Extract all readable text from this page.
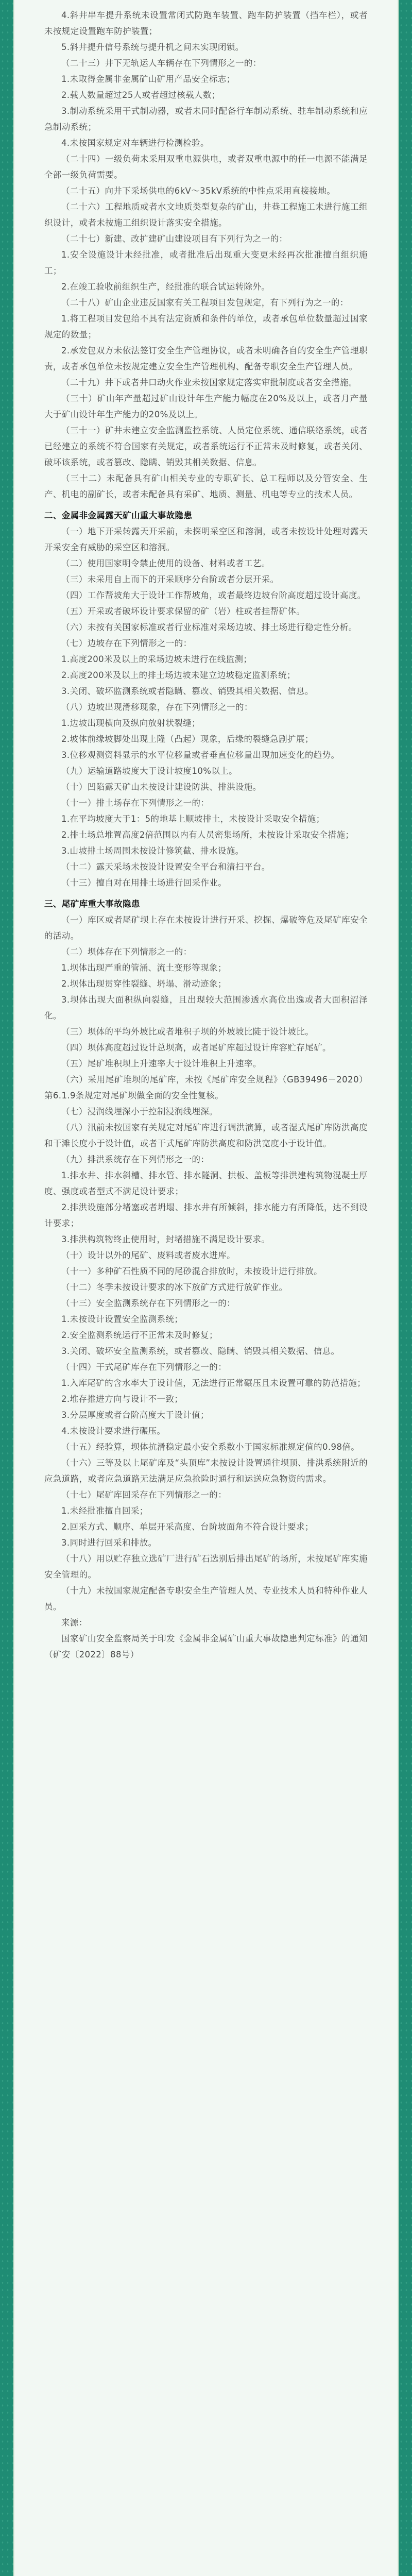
4.斜井串车提升系统未设置常闭式防跑车装置、跑车防护装置（挡车栏），或者未按规定设置跑车防护装置；

5.斜井提升信号系统与提升机之间未实现闭锁。

（二十三）井下无轨运人车辆存在下列情形之一的：

1.未取得金属非金属矿山矿用产品安全标志；

2.载人数量超过25人或者超过核载人数；

3.制动系统采用干式制动器，或者未同时配备行车制动系统、驻车制动系统和应急制动系统；

4.未按国家规定对车辆进行检测检验。

（二十四）一级负荷未采用双重电源供电，或者双重电源中的任一电源不能满足全部一级负荷需要。

（二十五）向井下采场供电的6kV～35kV系统的中性点采用直接接地。

（二十六）工程地质或者水文地质类型复杂的矿山，井巷工程施工未进行施工组织设计，或者未按施工组织设计落实安全措施。

（二十七）新建、改扩建矿山建设项目有下列行为之一的：

1.安全设施设计未经批准，或者批准后出现重大变更未经再次批准擅自组织施工；

2.在竣工验收前组织生产，经批准的联合试运转除外。

（二十八）矿山企业违反国家有关工程项目发包规定，有下列行为之一的：

1.将工程项目发包给不具有法定资质和条件的单位，或者承包单位数量超过国家规定的数量；

2.承发包双方未依法签订安全生产管理协议，或者未明确各自的安全生产管理职责，或者承包单位未按规定建立安全生产管理机构、配备专职安全生产管理人员。

（二十九）井下或者井口动火作业未按国家规定落实审批制度或者安全措施。

（三十）矿山年产量超过矿山设计年生产能力幅度在20%及以上，或者月产量大于矿山设计年生产能力的20%及以上。

（三十一）矿井未建立安全监测监控系统、人员定位系统、通信联络系统，或者已经建立的系统不符合国家有关规定，或者系统运行不正常未及时修复，或者关闭、破坏该系统，或者篡改、隐瞒、销毁其相关数据、信息。

（三十二）未配备具有矿山相关专业的专职矿长、总工程师以及分管安全、生产、机电的副矿长，或者未配备具有采矿、地质、测量、机电等专业的技术人员。

二、金属非金属露天矿山重大事故隐患

（一）地下开采转露天开采前，未探明采空区和溶洞，或者未按设计处理对露天开采安全有威胁的采空区和溶洞。

（二）使用国家明令禁止使用的设备、材料或者工艺。

（三）未采用自上而下的开采顺序分台阶或者分层开采。

（四）工作帮坡角大于设计工作帮坡角，或者最终边坡台阶高度超过设计高度。

（五）开采或者破坏设计要求保留的矿（岩）柱或者挂帮矿体。

（六）未按有关国家标准或者行业标准对采场边坡、排土场进行稳定性分析。

（七）边坡存在下列情形之一的：

1.高度200米及以上的采场边坡未进行在线监测；

2.高度200米及以上的排土场边坡未建立边坡稳定监测系统；

3.关闭、破坏监测系统或者隐瞒、篡改、销毁其相关数据、信息。

（八）边坡出现滑移现象，存在下列情形之一的：

1.边坡出现横向及纵向放射状裂缝；

2.坡体前缘坡脚处出现上隆（凸起）现象，后缘的裂缝急剧扩展；

3.位移观测资料显示的水平位移量或者垂直位移量出现加速变化的趋势。

（九）运输道路坡度大于设计坡度10%以上。

（十）凹陷露天矿山未按设计建设防洪、排洪设施。

（十一）排土场存在下列情形之一的：

1.在平均坡度大于1：5的地基上顺坡排土，未按设计采取安全措施；

2.排土场总堆置高度2倍范围以内有人员密集场所，未按设计采取安全措施；

3.山坡排土场周围未按设计修筑截、排水设施。

（十二）露天采场未按设计设置安全平台和清扫平台。

（十三）擅自对在用排土场进行回采作业。

三、尾矿库重大事故隐患

（一）库区或者尾矿坝上存在未按设计进行开采、挖掘、爆破等危及尾矿库安全的活动。

（二）坝体存在下列情形之一的：

1.坝体出现严重的管涌、流土变形等现象；

2.坝体出现贯穿性裂缝、坍塌、滑动迹象；

3.坝体出现大面积纵向裂缝，且出现较大范围渗透水高位出逸或者大面积沼泽化。

（三）坝体的平均外坡比或者堆积子坝的外坡坡比陡于设计坡比。

（四）坝体高度超过设计总坝高，或者尾矿库超过设计库容贮存尾矿。

（五）尾矿堆积坝上升速率大于设计堆积上升速率。

（六）采用尾矿堆坝的尾矿库，未按《尾矿库安全规程》（GB39496－2020）第6.1.9条规定对尾矿坝做全面的安全性复核。

（七）浸润线埋深小于控制浸润线埋深。

（八）汛前未按国家有关规定对尾矿库进行调洪演算，或者湿式尾矿库防洪高度和干滩长度小于设计值，或者干式尾矿库防洪高度和防洪宽度小于设计值。

（九）排洪系统存在下列情形之一的：

1.排水井、排水斜槽、排水管、排水隧洞、拱板、盖板等排洪建构筑物混凝土厚度、强度或者型式不满足设计要求；

2.排洪设施部分堵塞或者坍塌、排水井有所倾斜，排水能力有所降低，达不到设计要求；

3.排洪构筑物终止使用时，封堵措施不满足设计要求。

（十）设计以外的尾矿、废料或者废水进库。

（十一）多种矿石性质不同的尾砂混合排放时，未按设计进行排放。

（十二）冬季未按设计要求的冰下放矿方式进行放矿作业。

（十三）安全监测系统存在下列情形之一的：

1.未按设计设置安全监测系统；

2.安全监测系统运行不正常未及时修复；

3.关闭、破坏安全监测系统，或者篡改、隐瞒、销毁其相关数据、信息。

（十四）干式尾矿库存在下列情形之一的：

1.入库尾矿的含水率大于设计值，无法进行正常碾压且未设置可靠的防范措施；

2.堆存推进方向与设计不一致；

3.分层厚度或者台阶高度大于设计值；

4.未按设计要求进行碾压。

（十五）经验算，坝体抗滑稳定最小安全系数小于国家标准规定值的0.98倍。

（十六）三等及以上尾矿库及“头顶库”未按设计设置通往坝顶、排洪系统附近的应急道路，或者应急道路无法满足应急抢险时通行和运送应急物资的需求。

（十七）尾矿库回采存在下列情形之一的：

1.未经批准擅自回采；

2.回采方式、顺序、单层开采高度、台阶坡面角不符合设计要求；

3.同时进行回采和排放。

（十八）用以贮存独立选矿厂进行矿石选别后排出尾矿的场所，未按尾矿库实施安全管理的。

（十九）未按国家规定配备专职安全生产管理人员、专业技术人员和特种作业人员。

来源：

国家矿山安全监察局关于印发《金属非金属矿山重大事故隐患判定标准》的通知　（矿安〔2022〕88号）
